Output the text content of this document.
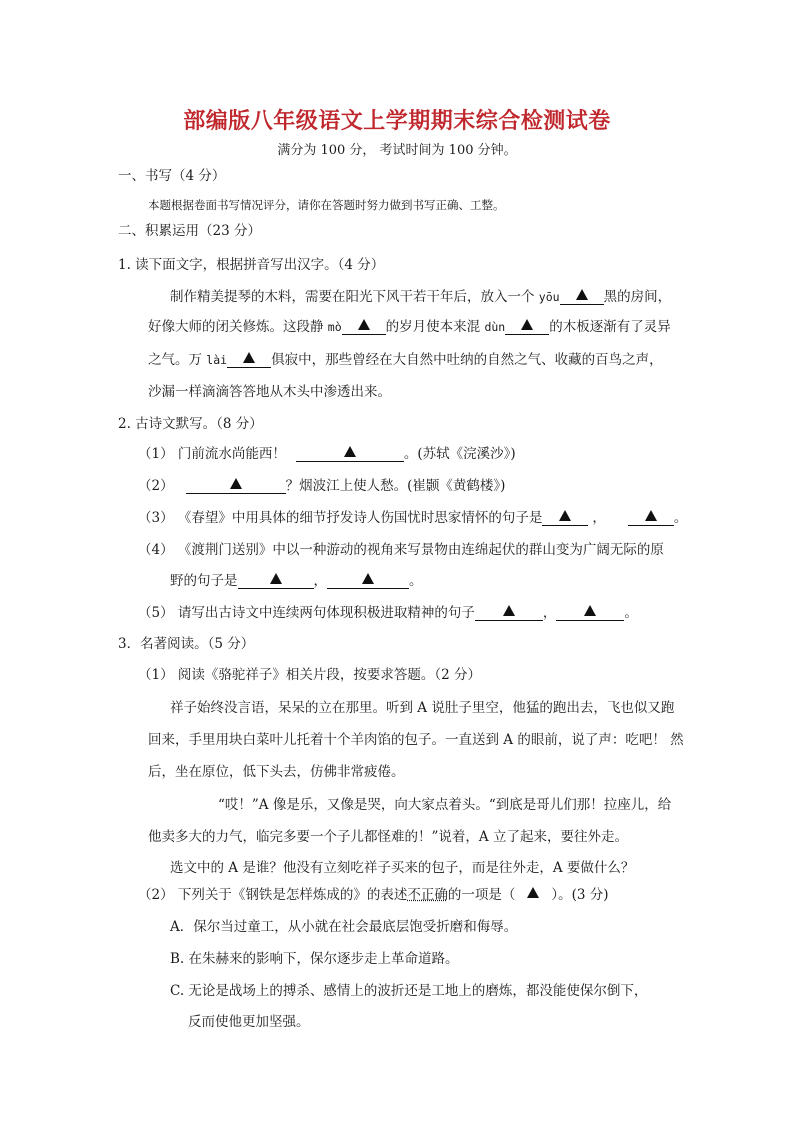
部编版八年级语文上学期期末综合检测试卷
满分为 100 分， 考试时间为 100 分钟。
一、书写（4 分）
本题根据卷面书写情况评分，请你在答题时努力做到书写正确、工整。
二、积累运用（23 分）
1. 读下面文字，根据拼音写出汉字。（4 分）
制作精美提琴的木料，需要在阳光下风干若干年后，放入一个 yōu	黑的房间，
好像大师的闭关修炼。这段静 mò	的岁月使本来混 dùn	的木板逐渐有了灵异
之气。万 lài	俱寂中，那些曾经在大自然中吐纳的自然之气、收藏的百鸟之声，
沙漏一样滴滴答答地从木头中渗透出来。
2. 古诗文默写。（8 分）
（1） 门前流水尚能西！	。(苏轼《浣溪沙》)
（2）	？烟波江上使人愁。(崔颢《黄鹤楼》)
（3） 《春望》中用具体的细节抒发诗人伤国忧时思家情怀的句子是	，	。
（4） 《渡荆门送别》中以一种游动的视角来写景物由连绵起伏的群山变为广阔无际的原
野的句子是	，	。
（5） 请写出古诗文中连续两句体现积极进取精神的句子	，	。
3．名著阅读。（5 分）
（1） 阅读《骆驼祥子》相关片段，按要求答题。（2 分）
祥子始终没言语，呆呆的立在那里。听到 A 说肚子里空，他猛的跑出去，飞也似又跑
回来，手里用块白菜叶儿托着十个羊肉馅的包子。一直送到 A 的眼前，说了声：吃吧！ 然
后，坐在原位，低下头去，仿佛非常疲倦。
“哎！”A 像是乐，又像是哭，向大家点着头。“到底是哥儿们那！拉座儿，给
他卖多大的力气，临完多要一个子儿都怪难的！”说着，A 立了起来，要往外走。
选文中的 A 是谁？他没有立刻吃祥子买来的包子，而是往外走，A 要做什么？
（2） 下列关于《钢铁是怎样炼成的》的表述不正确的一项是（	）。(3 分)
A．保尔当过童工，从小就在社会最底层饱受折磨和侮辱。
B. 在朱赫来的影响下，保尔逐步走上革命道路。
C. 无论是战场上的搏杀、感情上的波折还是工地上的磨炼，都没能使保尔倒下，
反而使他更加坚强。
